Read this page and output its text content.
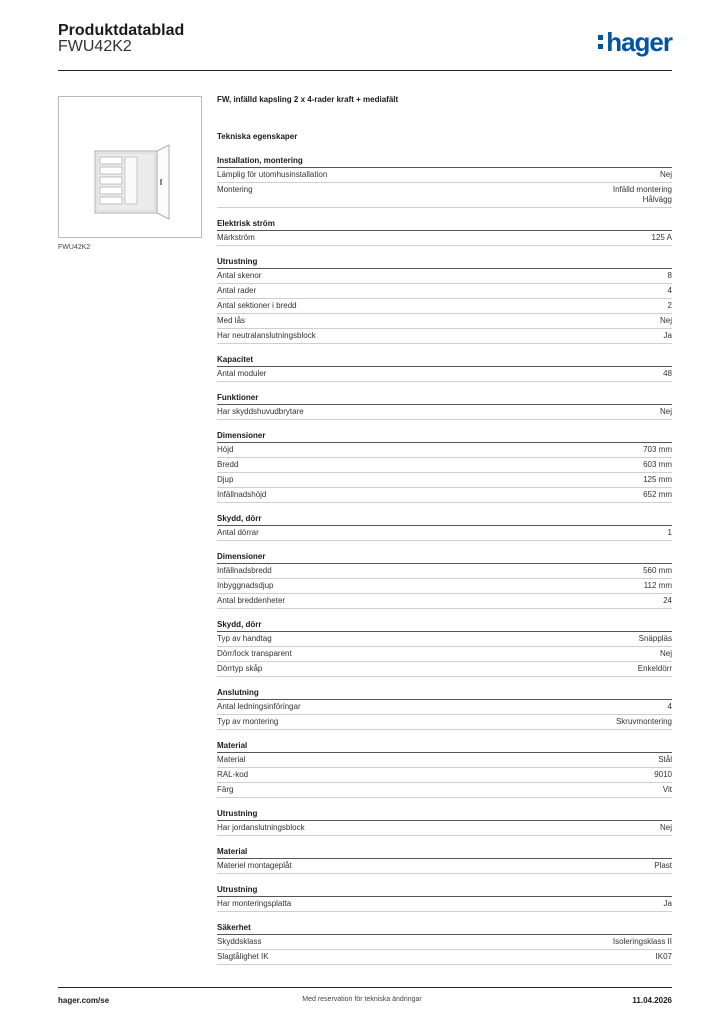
Produktdatablad
FWU42K2	hager
FWU42K2
FW, infälld kapsling 2 x 4-rader kraft + mediafält
Tekniska egenskaper
Installation, montering
Lämplig för utomhusinstallation	Nej
Montering	Infälld montering
Hålvägg
Elektrisk ström
Märkström	125 A
Utrustning
Antal skenor	8
Antal rader	4
Antal sektioner i bredd	2
Med lås	Nej
Har neutralanslutningsblock	Ja
Kapacitet
Antal moduler	48
Funktioner
Har skyddshuvudbrytare	Nej
Dimensioner
Höjd	703 mm
Bredd	603 mm
Djup	125 mm
Infällnadshöjd	652 mm
Skydd, dörr
Antal dörrar	1
Dimensioner
Infällnadsbredd	560 mm
Inbyggnadsdjup	112 mm
Antal breddenheter	24
Skydd, dörr
Typ av handtag	Snäppläs
Dörr/lock transparent	Nej
Dörrtyp skåp	Enkeldörr
Anslutning
Antal ledningsinföringar	4
Typ av montering	Skruvmontering
Material
Material	Stål
RAL-kod	9010
Färg	Vit
Utrustning
Har jordanslutningsblock	Nej
Material
Materiel montageplåt	Plast
Utrustning
Har monteringsplatta	Ja
Säkerhet
Skyddsklass	Isoleringsklass II
Slagtålighet IK	IK07
hager.com/se	Med reservation för tekniska ändringar	11.04.2026
